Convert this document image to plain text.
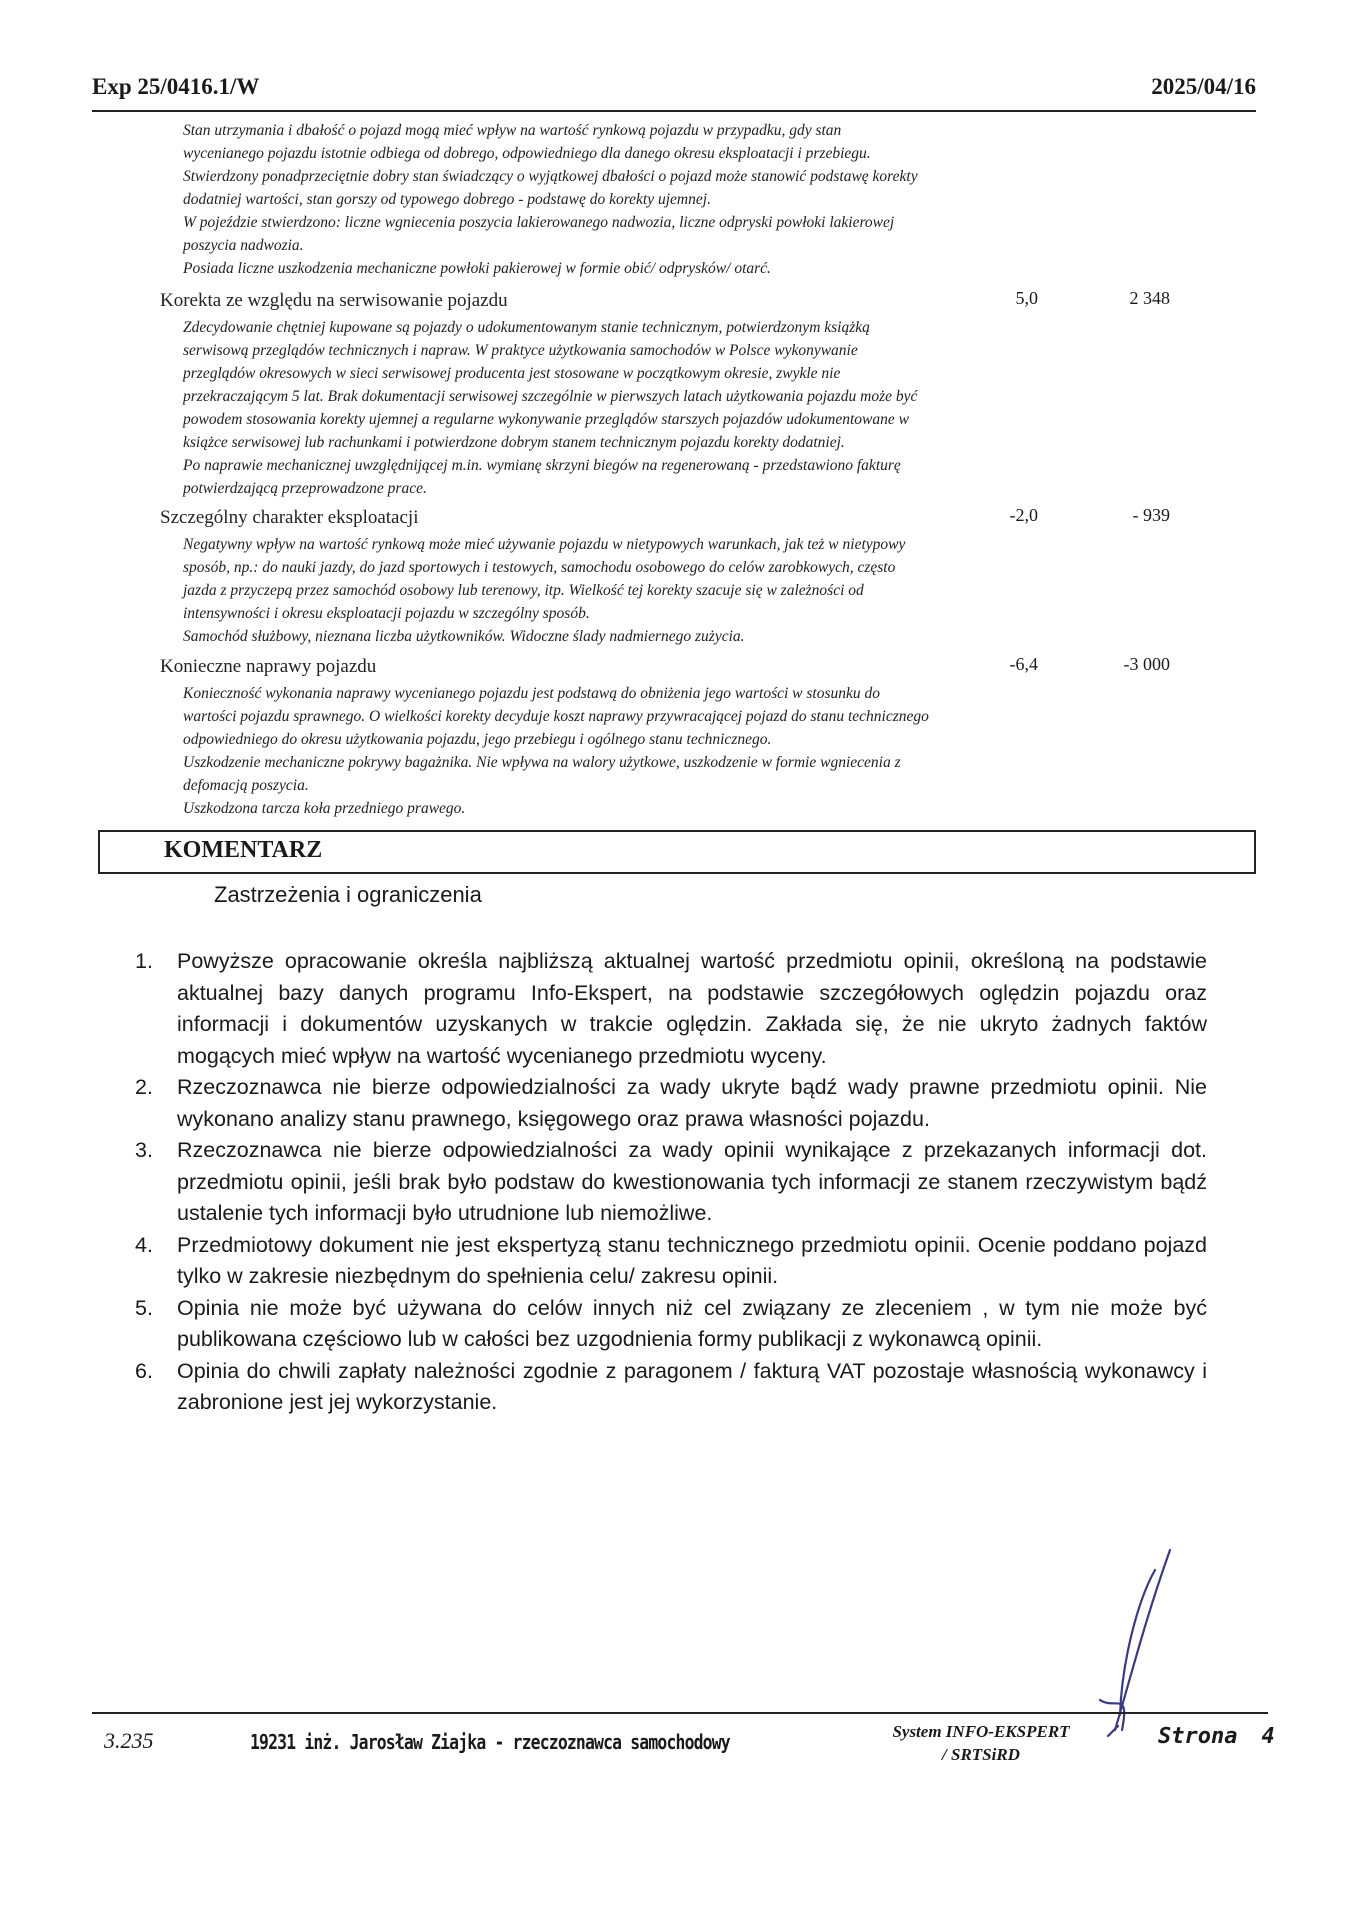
Exp 25/0416.1/W	2025/04/16

Stan utrzymania i dbałość o pojazd mogą mieć wpływ na wartość rynkową pojazdu w przypadku, gdy stan

wycenianego pojazdu istotnie odbiega od dobrego, odpowiedniego dla danego okresu eksploatacji i przebiegu.

Stwierdzony ponadprzeciętnie dobry stan świadczący o wyjątkowej dbałości o pojazd może stanowić podstawę korekty

dodatniej wartości, stan gorszy od typowego dobrego - podstawę do korekty ujemnej.

W pojeździe stwierdzono: liczne wgniecenia poszycia lakierowanego nadwozia, liczne odpryski powłoki lakierowej

poszycia nadwozia.

Posiada liczne uszkodzenia mechaniczne powłoki pakierowej w formie obić/ odprysków/ otarć.

Korekta ze względu na serwisowanie pojazdu	5,0	2 348

Zdecydowanie chętniej kupowane są pojazdy o udokumentowanym stanie technicznym, potwierdzonym książką

serwisową przeglądów technicznych i napraw. W praktyce użytkowania samochodów w Polsce wykonywanie

przeglądów okresowych w sieci serwisowej producenta jest stosowane w początkowym okresie, zwykle nie

przekraczającym 5 lat. Brak dokumentacji serwisowej szczególnie w pierwszych latach użytkowania pojazdu może być

powodem stosowania korekty ujemnej a regularne wykonywanie przeglądów starszych pojazdów udokumentowane w

książce serwisowej lub rachunkami i potwierdzone dobrym stanem technicznym pojazdu korekty dodatniej.

Po naprawie mechanicznej uwzględnijącej m.in. wymianę skrzyni biegów na regenerowaną - przedstawiono fakturę

potwierdzającą przeprowadzone prace.

Szczególny charakter eksploatacji	-2,0	- 939

Negatywny wpływ na wartość rynkową może mieć używanie pojazdu w nietypowych warunkach, jak też w nietypowy

sposób, np.: do nauki jazdy, do jazd sportowych i testowych, samochodu osobowego do celów zarobkowych, często

jazda z przyczepą przez samochód osobowy lub terenowy, itp. Wielkość tej korekty szacuje się w zależności od

intensywności i okresu eksploatacji pojazdu w szczególny sposób.

Samochód służbowy, nieznana liczba użytkowników. Widoczne ślady nadmiernego zużycia.

Konieczne naprawy pojazdu	-6,4	-3 000

Konieczność wykonania naprawy wycenianego pojazdu jest podstawą do obniżenia jego wartości w stosunku do

wartości pojazdu sprawnego. O wielkości korekty decyduje koszt naprawy przywracającej pojazd do stanu technicznego

odpowiedniego do okresu użytkowania pojazdu, jego przebiegu i ogólnego stanu technicznego.

Uszkodzenie mechaniczne pokrywy bagażnika. Nie wpływa na walory użytkowe, uszkodzenie w formie wgniecenia z

defomacją poszycia.

Uszkodzona tarcza koła przedniego prawego.

KOMENTARZ
Zastrzeżenia i ograniczenia
1. Powyższe opracowanie określa najbliższą aktualnej wartość przedmiotu opinii, określoną na podstawie aktualnej bazy danych programu Info-Ekspert, na podstawie szczegółowych oględzin pojazdu oraz informacji i dokumentów uzyskanych w trakcie oględzin. Zakłada się, że nie ukryto żadnych faktów mogących mieć wpływ na wartość wycenianego przedmiotu wyceny.
2. Rzeczoznawca nie bierze odpowiedzialności za wady ukryte bądź wady prawne przedmiotu opinii. Nie wykonano analizy stanu prawnego, księgowego oraz prawa własności pojazdu.
3. Rzeczoznawca nie bierze odpowiedzialności za wady opinii wynikające z przekazanych informacji dot. przedmiotu opinii, jeśli brak było podstaw do kwestionowania tych informacji ze stanem rzeczywistym bądź ustalenie tych informacji było utrudnione lub niemożliwe.
4. Przedmiotowy dokument nie jest ekspertyzą stanu technicznego przedmiotu opinii. Ocenie poddano pojazd tylko w zakresie niezbędnym do spełnienia celu/ zakresu opinii.
5. Opinia nie może być używana do celów innych niż cel związany ze zleceniem , w tym nie może być publikowana częściowo lub w całości bez uzgodnienia formy publikacji z wykonawcą opinii.
6. Opinia do chwili zapłaty należności zgodnie z paragonem / fakturą VAT pozostaje własnością wykonawcy i zabronione jest jej wykorzystanie.
3.235	19231 inż. Jarosław Ziajka - rzeczoznawca samochodowy	System INFO-EKSPERT
/ SRTSiRD
Strona 4
